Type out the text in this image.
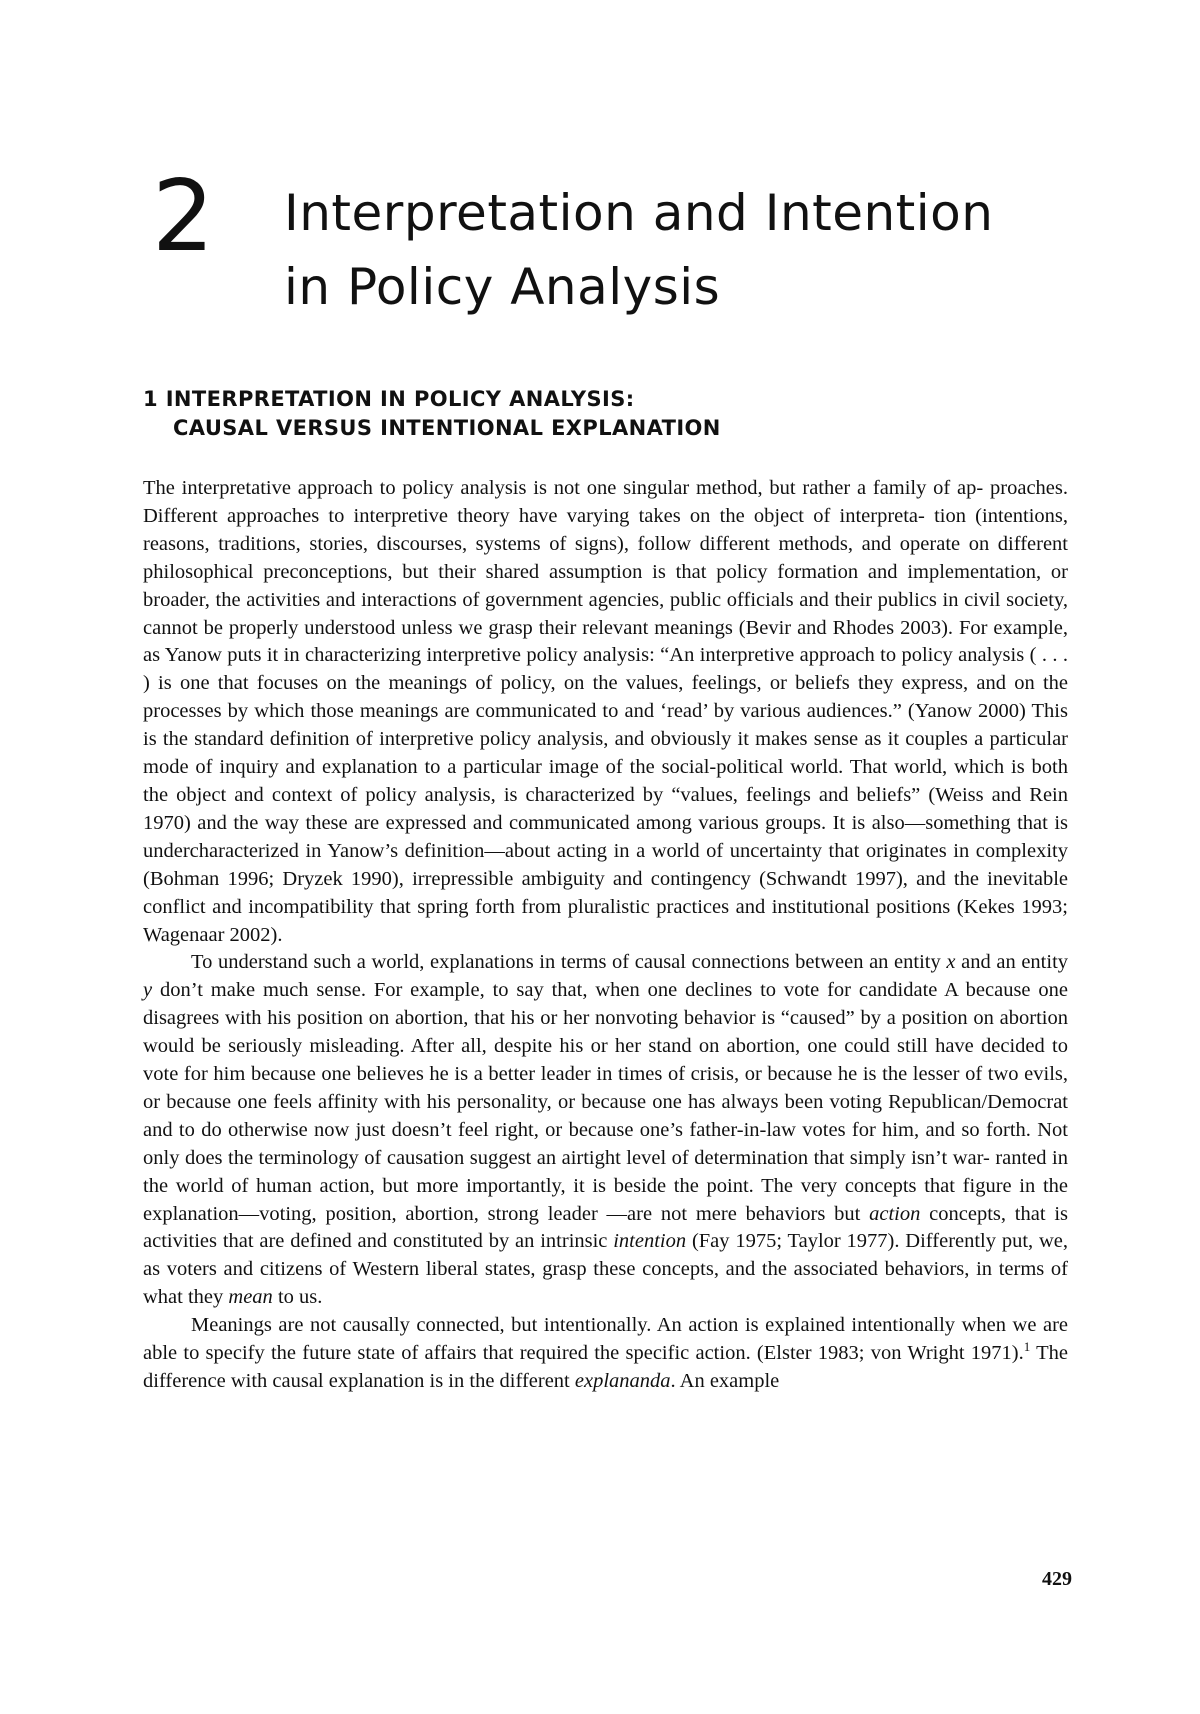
2 Interpretation and Intention
in Policy Analysis
1 INTERPRETATION IN POLICY ANALYSIS:
CAUSAL VERSUS INTENTIONAL EXPLANATION

The interpretative approach to policy analysis is not one singular method, but rather a family of ap- proaches. Different approaches to interpretive theory have varying takes on the object of interpreta- tion (intentions, reasons, traditions, stories, discourses, systems of signs), follow different methods, and operate on different philosophical preconceptions, but their shared assumption is that policy formation and implementation, or broader, the activities and interactions of government agencies, public officials and their publics in civil society, cannot be properly understood unless we grasp their relevant meanings (Bevir and Rhodes 2003). For example, as Yanow puts it in characterizing interpretive policy analysis: “An interpretive approach to policy analysis ( . . . ) is one that focuses on the meanings of policy, on the values, feelings, or beliefs they express, and on the processes by which those meanings are communicated to and ‘read’ by various audiences.” (Yanow 2000) This is the standard definition of interpretive policy analysis, and obviously it makes sense as it couples a particular mode of inquiry and explanation to a particular image of the social-political world. That world, which is both the object and context of policy analysis, is characterized by “values, feelings and beliefs” (Weiss and Rein 1970) and the way these are expressed and communicated among various groups. It is also—something that is undercharacterized in Yanow’s definition—about acting in a world of uncertainty that originates in complexity (Bohman 1996; Dryzek 1990), irrepressible ambiguity and contingency (Schwandt 1997), and the inevitable conflict and incompatibility that spring forth from pluralistic practices and institutional positions (Kekes 1993; Wagenaar 2002).

To understand such a world, explanations in terms of causal connections between an entity x and an entity y don’t make much sense. For example, to say that, when one declines to vote for candidate A because one disagrees with his position on abortion, that his or her nonvoting behavior is “caused” by a position on abortion would be seriously misleading. After all, despite his or her stand on abortion, one could still have decided to vote for him because one believes he is a better leader in times of crisis, or because he is the lesser of two evils, or because one feels affinity with his personality, or because one has always been voting Republican/Democrat and to do otherwise now just doesn’t feel right, or because one’s father-in-law votes for him, and so forth. Not only does the terminology of causation suggest an airtight level of determination that simply isn’t war- ranted in the world of human action, but more importantly, it is beside the point. The very concepts that figure in the explanation—voting, position, abortion, strong leader —are not mere behaviors but action concepts, that is activities that are defined and constituted by an intrinsic intention (Fay 1975; Taylor 1977). Differently put, we, as voters and citizens of Western liberal states, grasp these concepts, and the associated behaviors, in terms of what they mean to us.

Meanings are not causally connected, but intentionally. An action is explained intentionally when we are able to specify the future state of affairs that required the specific action. (Elster 1983; von Wright 1971).$^1$ The difference with causal explanation is in the different explananda. An example

429
